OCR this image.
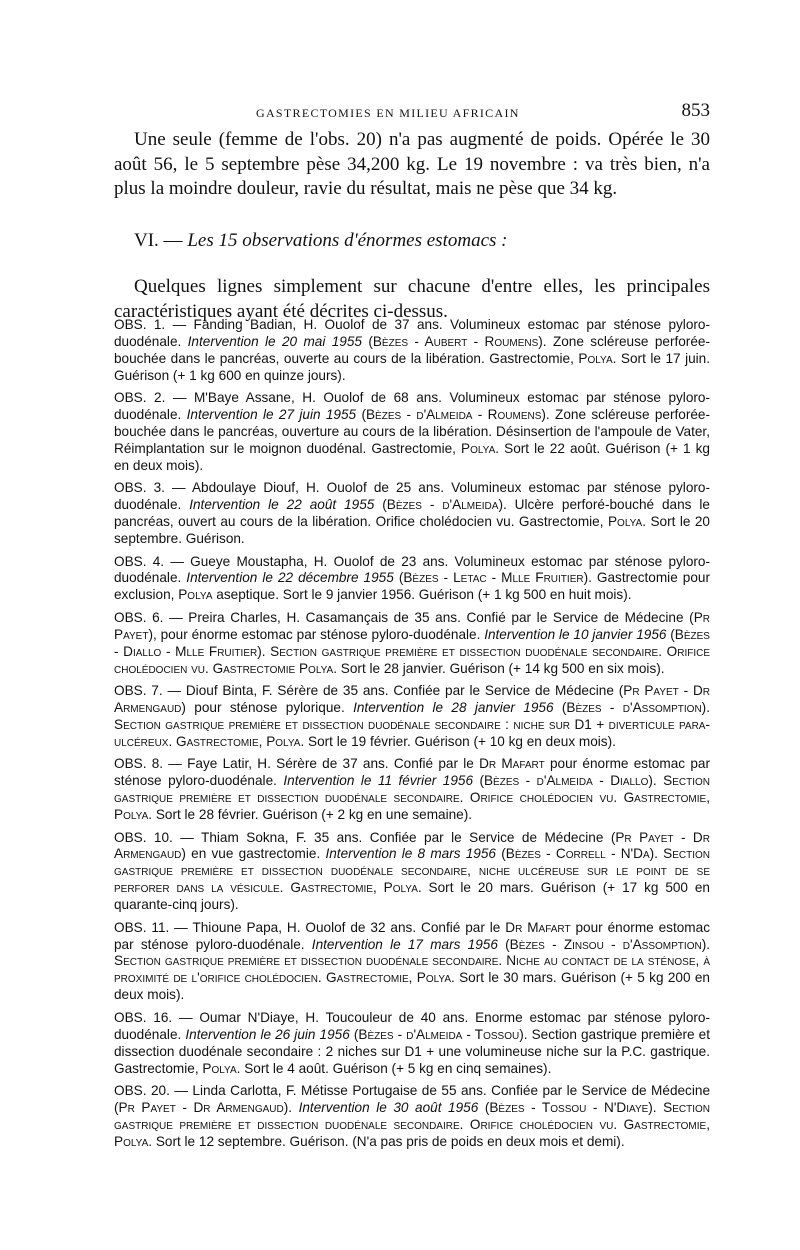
GASTRECTOMIES EN MILIEU AFRICAIN	853

Une seule (femme de l'obs. 20) n'a pas augmenté de poids. Opérée le 30 août 56, le 5 septembre pèse 34,200 kg. Le 19 novembre : va très bien, n'a plus la moindre douleur, ravie du résultat, mais ne pèse que 34 kg.

VI. — Les 15 observations d'énormes estomacs :

Quelques lignes simplement sur chacune d'entre elles, les principales caractéristiques ayant été décrites ci-dessus.

OBS. 1. — Fanding Badian, H. Ouolof de 37 ans. Volumineux estomac par sténose pyloro-duodénale. Intervention le 20 mai 1955 (Bèzes - Aubert - Roumens). Zone scléreuse perforée-bouchée dans le pancréas, ouverte au cours de la libération. Gastrectomie, Polya. Sort le 17 juin. Guérison (+ 1 kg 600 en quinze jours).

OBS. 2. — M'Baye Assane, H. Ouolof de 68 ans. Volumineux estomac par sténose pyloro-duodénale. Intervention le 27 juin 1955 (Bèzes - d'Almeida - Roumens). Zone scléreuse perforée-bouchée dans le pancréas, ouverture au cours de la libération. Désinsertion de l'ampoule de Vater, Réimplantation sur le moignon duodénal. Gastrectomie, Polya. Sort le 22 août. Guérison (+ 1 kg en deux mois).

OBS. 3. — Abdoulaye Diouf, H. Ouolof de 25 ans. Volumineux estomac par sténose pyloro-duodénale. Intervention le 22 août 1955 (Bèzes - d'Almeida). Ulcère perforé-bouché dans le pancréas, ouvert au cours de la libération. Orifice cholédocien vu. Gastrectomie, Polya. Sort le 20 septembre. Guérison.

OBS. 4. — Gueye Moustapha, H. Ouolof de 23 ans. Volumineux estomac par sténose pyloro-duodénale. Intervention le 22 décembre 1955 (Bèzes - Letac - Mlle Fruitier). Gastrectomie pour exclusion, Polya aseptique. Sort le 9 janvier 1956. Guérison (+ 1 kg 500 en huit mois).

OBS. 6. — Preira Charles, H. Casamançais de 35 ans. Confié par le Service de Médecine (Pr Payet), pour énorme estomac par sténose pyloro-duodénale. Intervention le 10 janvier 1956 (Bèzes - Diallo - Mlle Fruitier). Section gastrique première et dissection duodénale secondaire. Orifice cholédocien vu. Gastrectomie Polya. Sort le 28 janvier. Guérison (+ 14 kg 500 en six mois).

OBS. 7. — Diouf Binta, F. Sérère de 35 ans. Confiée par le Service de Médecine (Pr Payet - Dr Armengaud) pour sténose pylorique. Intervention le 28 janvier 1956 (Bèzes - d'Assomption). Section gastrique première et dissection duodénale secondaire : niche sur D1 + diverticule para-ulcéreux. Gastrectomie, Polya. Sort le 19 février. Guérison (+ 10 kg en deux mois).

OBS. 8. — Faye Latir, H. Sérère de 37 ans. Confié par le Dr Mafart pour énorme estomac par sténose pyloro-duodénale. Intervention le 11 février 1956 (Bèzes - d'Almeida - Diallo). Section gastrique première et dissection duodénale secondaire. Orifice cholédocien vu. Gastrectomie, Polya. Sort le 28 février. Guérison (+ 2 kg en une semaine).

OBS. 10. — Thiam Sokna, F. 35 ans. Confiée par le Service de Médecine (Pr Payet - Dr Armengaud) en vue gastrectomie. Intervention le 8 mars 1956 (Bèzes - Correll - N'Da). Section gastrique première et dissection duodénale secondaire, niche ulcéreuse sur le point de se perforer dans la vésicule. Gastrectomie, Polya. Sort le 20 mars. Guérison (+ 17 kg 500 en quarante-cinq jours).

OBS. 11. — Thioune Papa, H. Ouolof de 32 ans. Confié par le Dr Mafart pour énorme estomac par sténose pyloro-duodénale. Intervention le 17 mars 1956 (Bèzes - Zinsou - d'Assomption). Section gastrique première et dissection duodénale secondaire. Niche au contact de la sténose, à proximité de l'orifice cholédocien. Gastrectomie, Polya. Sort le 30 mars. Guérison (+ 5 kg 200 en deux mois).

OBS. 16. — Oumar N'Diaye, H. Toucouleur de 40 ans. Enorme estomac par sténose pyloro-duodénale. Intervention le 26 juin 1956 (Bèzes - d'Almeida - Tossou). Section gastrique première et dissection duodénale secondaire : 2 niches sur D1 + une volumineuse niche sur la P.C. gastrique. Gastrectomie, Polya. Sort le 4 août. Guérison (+ 5 kg en cinq semaines).

OBS. 20. — Linda Carlotta, F. Métisse Portugaise de 55 ans. Confiée par le Service de Médecine (Pr Payet - Dr Armengaud). Intervention le 30 août 1956 (Bèzes - Tossou - N'Diaye). Section gastrique première et dissection duodénale secondaire. Orifice cholédocien vu. Gastrectomie, Polya. Sort le 12 septembre. Guérison. (N'a pas pris de poids en deux mois et demi).
